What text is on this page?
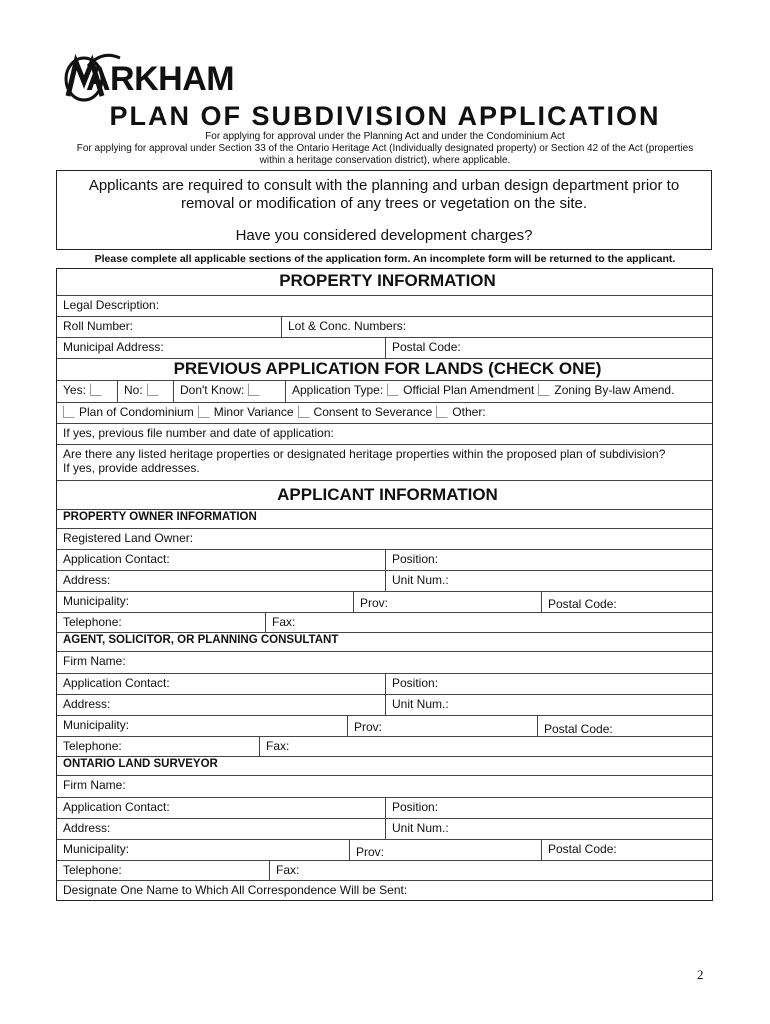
ARKHAM
PLAN OF SUBDIVISION APPLICATION
For applying for approval under the Planning Act and under the Condominium Act
For applying for approval under Section 33 of the Ontario Heritage Act (Individually designated property) or Section 42 of the Act (properties
within a heritage conservation district), where applicable.
Applicants are required to consult with the planning and urban design department prior to removal or modification of any trees or vegetation on the site.
Have you considered development charges?
Please complete all applicable sections of the application form. An incomplete form will be returned to the applicant.
PROPERTY INFORMATION
Legal Description:
Roll Number:	Lot & Conc. Numbers:
Municipal Address:	Postal Code:
PREVIOUS APPLICATION FOR LANDS (CHECK ONE)
Yes:	No:	Don't Know:	Application Type: Official Plan Amendment Zoning By-law Amend.
Plan of Condominium Minor Variance Consent to Severance Other:
If yes, previous file number and date of application:
Are there any listed heritage properties or designated heritage properties within the proposed plan of subdivision?
If yes, provide addresses.
APPLICANT INFORMATION
PROPERTY OWNER INFORMATION
Registered Land Owner:
Application Contact:	Position:
Address:	Unit Num.:
Municipality:	Prov:	Postal Code:
Telephone:	Fax:
AGENT, SOLICITOR, OR PLANNING CONSULTANT
Firm Name:
Application Contact:	Position:
Address:	Unit Num.:
Municipality:	Prov:	Postal Code:
Telephone:	Fax:
ONTARIO LAND SURVEYOR
Firm Name:
Application Contact:	Position:
Address:	Unit Num.:
Municipality:	Prov:	Postal Code:
Telephone:	Fax:
Designate One Name to Which All Correspondence Will be Sent:
2
